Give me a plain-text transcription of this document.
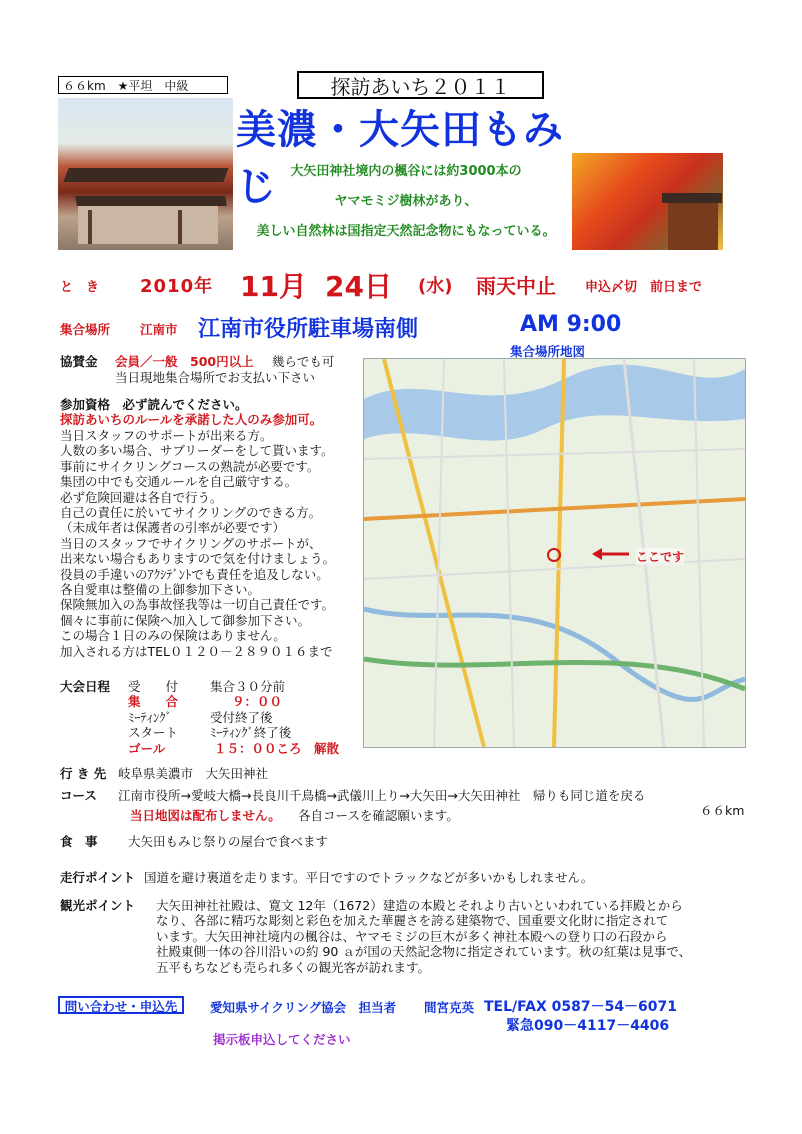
６６km　★平坦　中級	探訪あいち２０１１
美濃・大矢田もみじ	大矢田神社境内の楓谷には約3000本の
ヤマモミジ樹林があり、
美しい自然林は国指定天然記念物にもなっている。
と　き 2010年 11月 24日 (水) 雨天中止 申込〆切　前日まで
集合場所 江南市 江南市役所駐車場南側	AM 9:00
集合場所地図
協賛金 会員／一般　500円以上 幾らでも可
当日現地集合場所でお支払い下さい
参加資格　必ず読んでください。
探訪あいちのルールを承諾した人のみ参加可。
当日スタッフのサポートが出来る方。
人数の多い場合、サブリーダーをして貰います。
事前にサイクリングコースの熟読が必要です。
集団の中でも交通ルールを自己厳守する。
必ず危険回避は各自で行う。
自己の責任に於いてサイクリングのできる方。
（未成年者は保護者の引率が必要です）
当日のスタッフでサイクリングのサポートが、
出来ない場合もありますので気を付けましょう。
役員の手違いのｱｸｼﾃﾞﾝﾄでも責任を追及しない。
各自愛車は整備の上御参加下さい。
保険無加入の為事故怪我等は一切自己責任です。
個々に事前に保険へ加入して御参加下さい。
この場合１日のみの保険はありません。
加入される方はTEL０１２０－２８９０１６まで
ここです
大会日程 受　　付	集合３０分前
集　　合	９：００
ﾐｰﾃｨﾝｸﾞ	受付終了後
スタート	ﾐｰﾃｨﾝｸﾞ終了後
ゴール	１５：００ころ　解散
行 き 先 岐阜県美濃市　大矢田神社
コース 江南市役所→愛岐大橋→長良川千鳥橋→武儀川上り→大矢田→大矢田神社　帰りも同じ道を戻る
６６km
当日地図は配布しません。 各自コースを確認願います。
食　事 大矢田もみじ祭りの屋台で食べます
走行ポイント 国道を避け裏道を走ります。平日ですのでトラックなどが多いかもしれません。
観光ポイント 大矢田神社社殿は、寛文 12年（1672）建造の本殿とそれより古いといわれている拝殿とから
なり、各部に精巧な彫刻と彩色を加えた華麗さを誇る建築物で、国重要文化財に指定されて
います。大矢田神社境内の楓谷は、ヤマモミジの巨木が多く神社本殿への登り口の石段から
社殿東側一体の谷川沿いの約 90 ａが国の天然記念物に指定されています。秋の紅葉は見事で、
五平もちなども売られ多くの観光客が訪れます。
問い合わせ・申込先	愛知県サイクリング協会　担当者 間宮克英 TEL/FAX 0587－54－6071
緊急090－4117－4406
掲示板申込してください
